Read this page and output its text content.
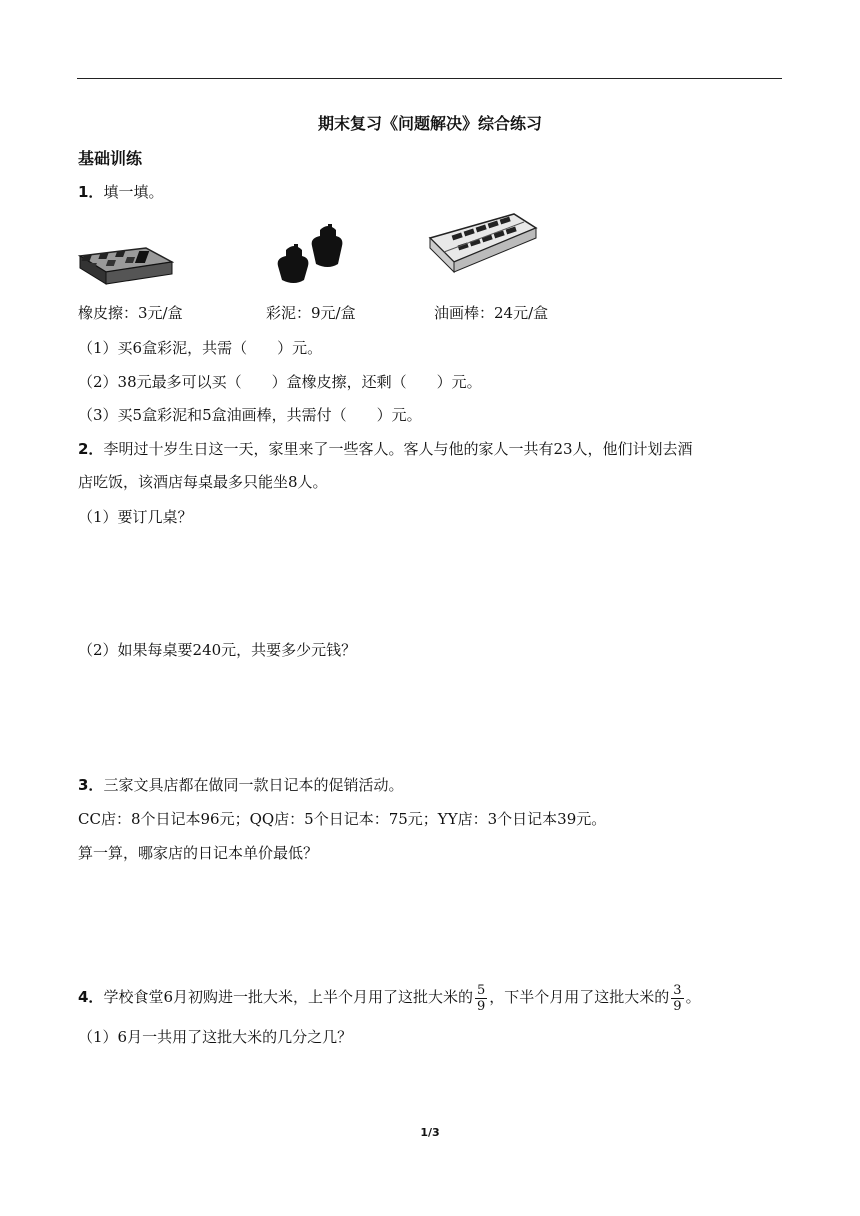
期末复习《问题解决》综合练习
基础训练
1．填一填。
橡皮擦：3元/盒	彩泥：9元/盒	油画棒：24元/盒
（1）买6盒彩泥，共需（　　）元。
（2）38元最多可以买（　　）盒橡皮擦，还剩（　　）元。
（3）买5盒彩泥和5盒油画棒，共需付（　　）元。
2．李明过十岁生日这一天，家里来了一些客人。客人与他的家人一共有23人，他们计划去酒
店吃饭，该酒店每桌最多只能坐8人。
（1）要订几桌？
（2）如果每桌要240元，共要多少元钱？
3．三家文具店都在做同一款日记本的促销活动。
CC店：8个日记本96元；QQ店：5个日记本：75元；YY店：3个日记本39元。
算一算，哪家店的日记本单价最低？
4．学校食堂6月初购进一批大米，上半个月用了这批大米的 $\frac{5}{9}$ ，下半个月用了这批大米的 $\frac{3}{9}$ 。
（1）6月一共用了这批大米的几分之几？
1/3
